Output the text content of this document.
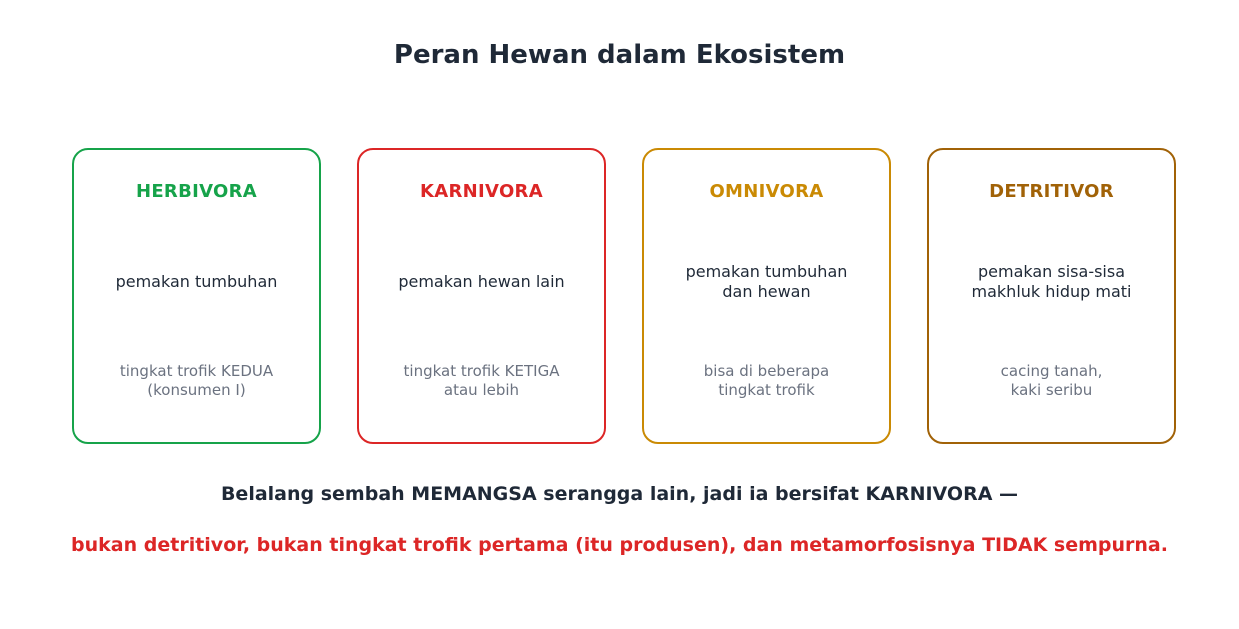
Peran Hewan dalam Ekosistem
HERBIVORA
pemakan tumbuhan
tingkat trofik KEDUA
(konsumen I)
KARNIVORA
pemakan hewan lain
tingkat trofik KETIGA
atau lebih
OMNIVORA
pemakan tumbuhan
dan hewan
bisa di beberapa
tingkat trofik
DETRITIVOR
pemakan sisa-sisa
makhluk hidup mati
cacing tanah,
kaki seribu
Belalang sembah MEMANGSA serangga lain, jadi ia bersifat KARNIVORA —
bukan detritivor, bukan tingkat trofik pertama (itu produsen), dan metamorfosisnya TIDAK sempurna.
